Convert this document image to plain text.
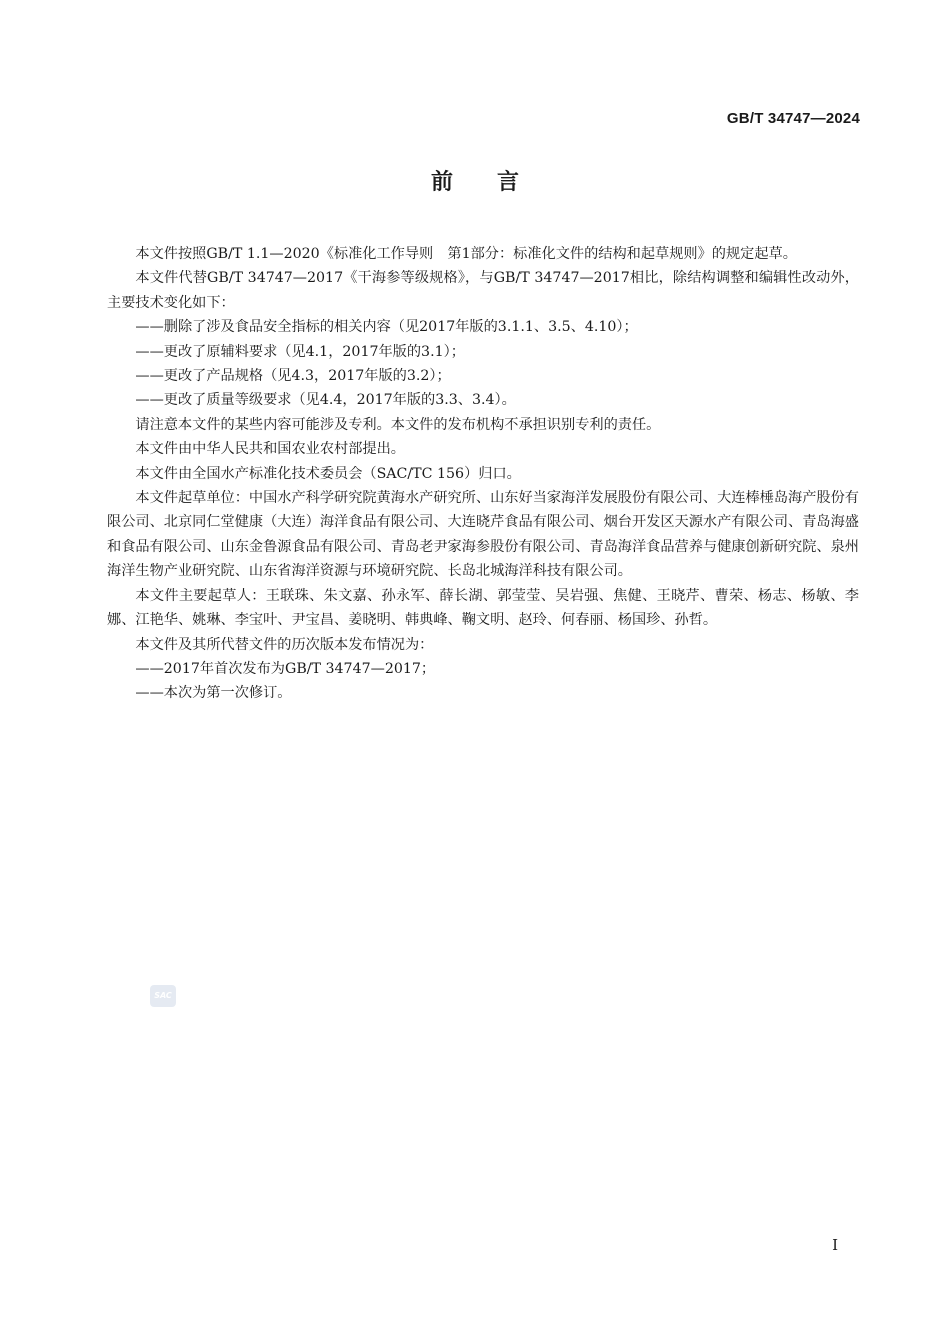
GB/T 34747—2024
前言

本文件按照GB/T 1.1—2020《标准化工作导则　第1部分：标准化文件的结构和起草规则》的规定起草。

本文件代替GB/T 34747—2017《干海参等级规格》，与GB/T 34747—2017相比，除结构调整和编辑性改动外，主要技术变化如下：

——删除了涉及食品安全指标的相关内容（见2017年版的3.1.1、3.5、4.10）；

——更改了原辅料要求（见4.1，2017年版的3.1）；

——更改了产品规格（见4.3，2017年版的3.2）；

——更改了质量等级要求（见4.4，2017年版的3.3、3.4）。

请注意本文件的某些内容可能涉及专利。本文件的发布机构不承担识别专利的责任。

本文件由中华人民共和国农业农村部提出。

本文件由全国水产标准化技术委员会（SAC/TC 156）归口。

本文件起草单位：中国水产科学研究院黄海水产研究所、山东好当家海洋发展股份有限公司、大连棒棰岛海产股份有限公司、北京同仁堂健康（大连）海洋食品有限公司、大连晓芹食品有限公司、烟台开发区天源水产有限公司、青岛海盛和食品有限公司、山东金鲁源食品有限公司、青岛老尹家海参股份有限公司、青岛海洋食品营养与健康创新研究院、泉州海洋生物产业研究院、山东省海洋资源与环境研究院、长岛北城海洋科技有限公司。

本文件主要起草人：王联珠、朱文嘉、孙永军、薛长湖、郭莹莹、吴岩强、焦健、王晓芹、曹荣、杨志、杨敏、李娜、江艳华、姚琳、李宝叶、尹宝昌、姜晓明、韩典峰、鞠文明、赵玲、何春丽、杨国珍、孙哲。

本文件及其所代替文件的历次版本发布情况为：

——2017年首次发布为GB/T 34747—2017；

——本次为第一次修订。

SAC
Ⅰ
